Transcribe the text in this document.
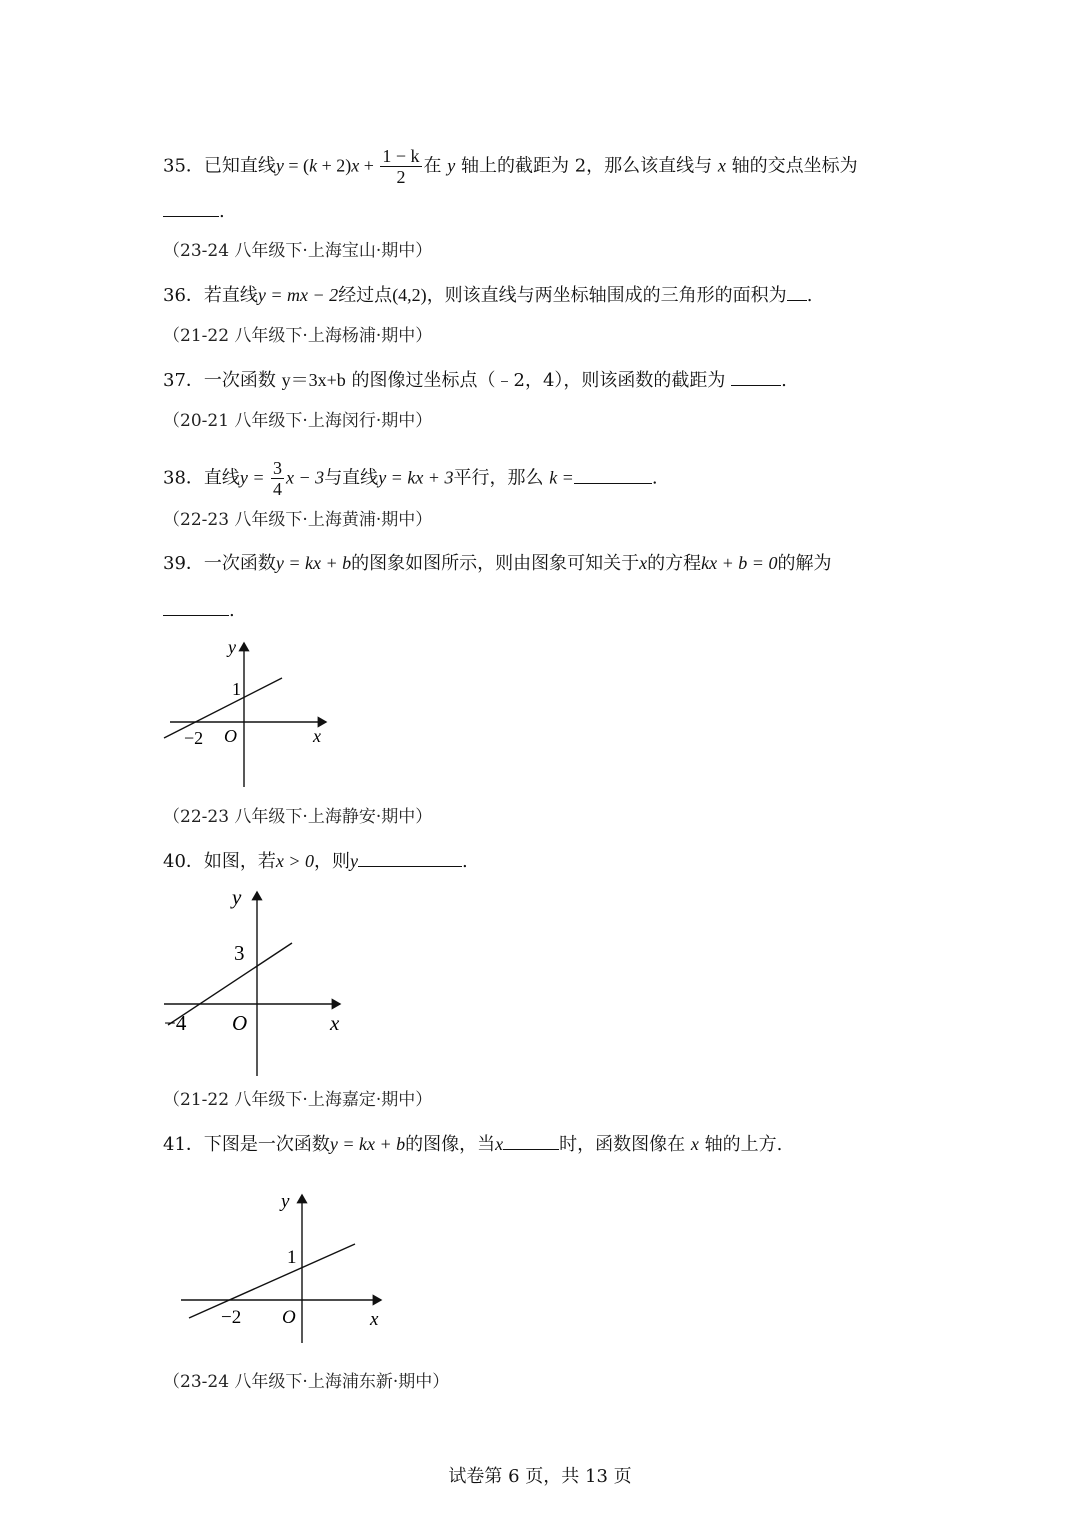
35．已知直线$y = (k + 2)x + \frac{1 - k}{2}$ 在 y 轴上的截距为 2，那么该直线与 x 轴的交点坐标为
.
（23-24 八年级下·上海宝山·期中）
36．若直线y = mx − 2经过点(4,2)，则该直线与两坐标轴围成的三角形的面积为 .
（21-22 八年级下·上海杨浦·期中）
37．一次函数 y＝3x+b 的图像过坐标点（﹣2，4），则该函数的截距为	.
（20-21 八年级下·上海闵行·期中）
38．直线$y = \frac{3}{4}$ x − 3与直线y = kx + 3平行，那么 k =	.
（22-23 八年级下·上海黄浦·期中）
39．一次函数y = kx + b的图象如图所示，则由图象可知关于x的方程kx + b = 0的解为
.
y
1
−2 O	x
（22-23 八年级下·上海静安·期中）
40．如图，若x > 0，则y	.
y
3
−4 O	x
（21-22 八年级下·上海嘉定·期中）
41．下图是一次函数y = kx + b的图像，当x	时，函数图像在 x 轴的上方.
y
1
−2 O	x
（23-24 八年级下·上海浦东新·期中）
试卷第 6 页，共 13 页
